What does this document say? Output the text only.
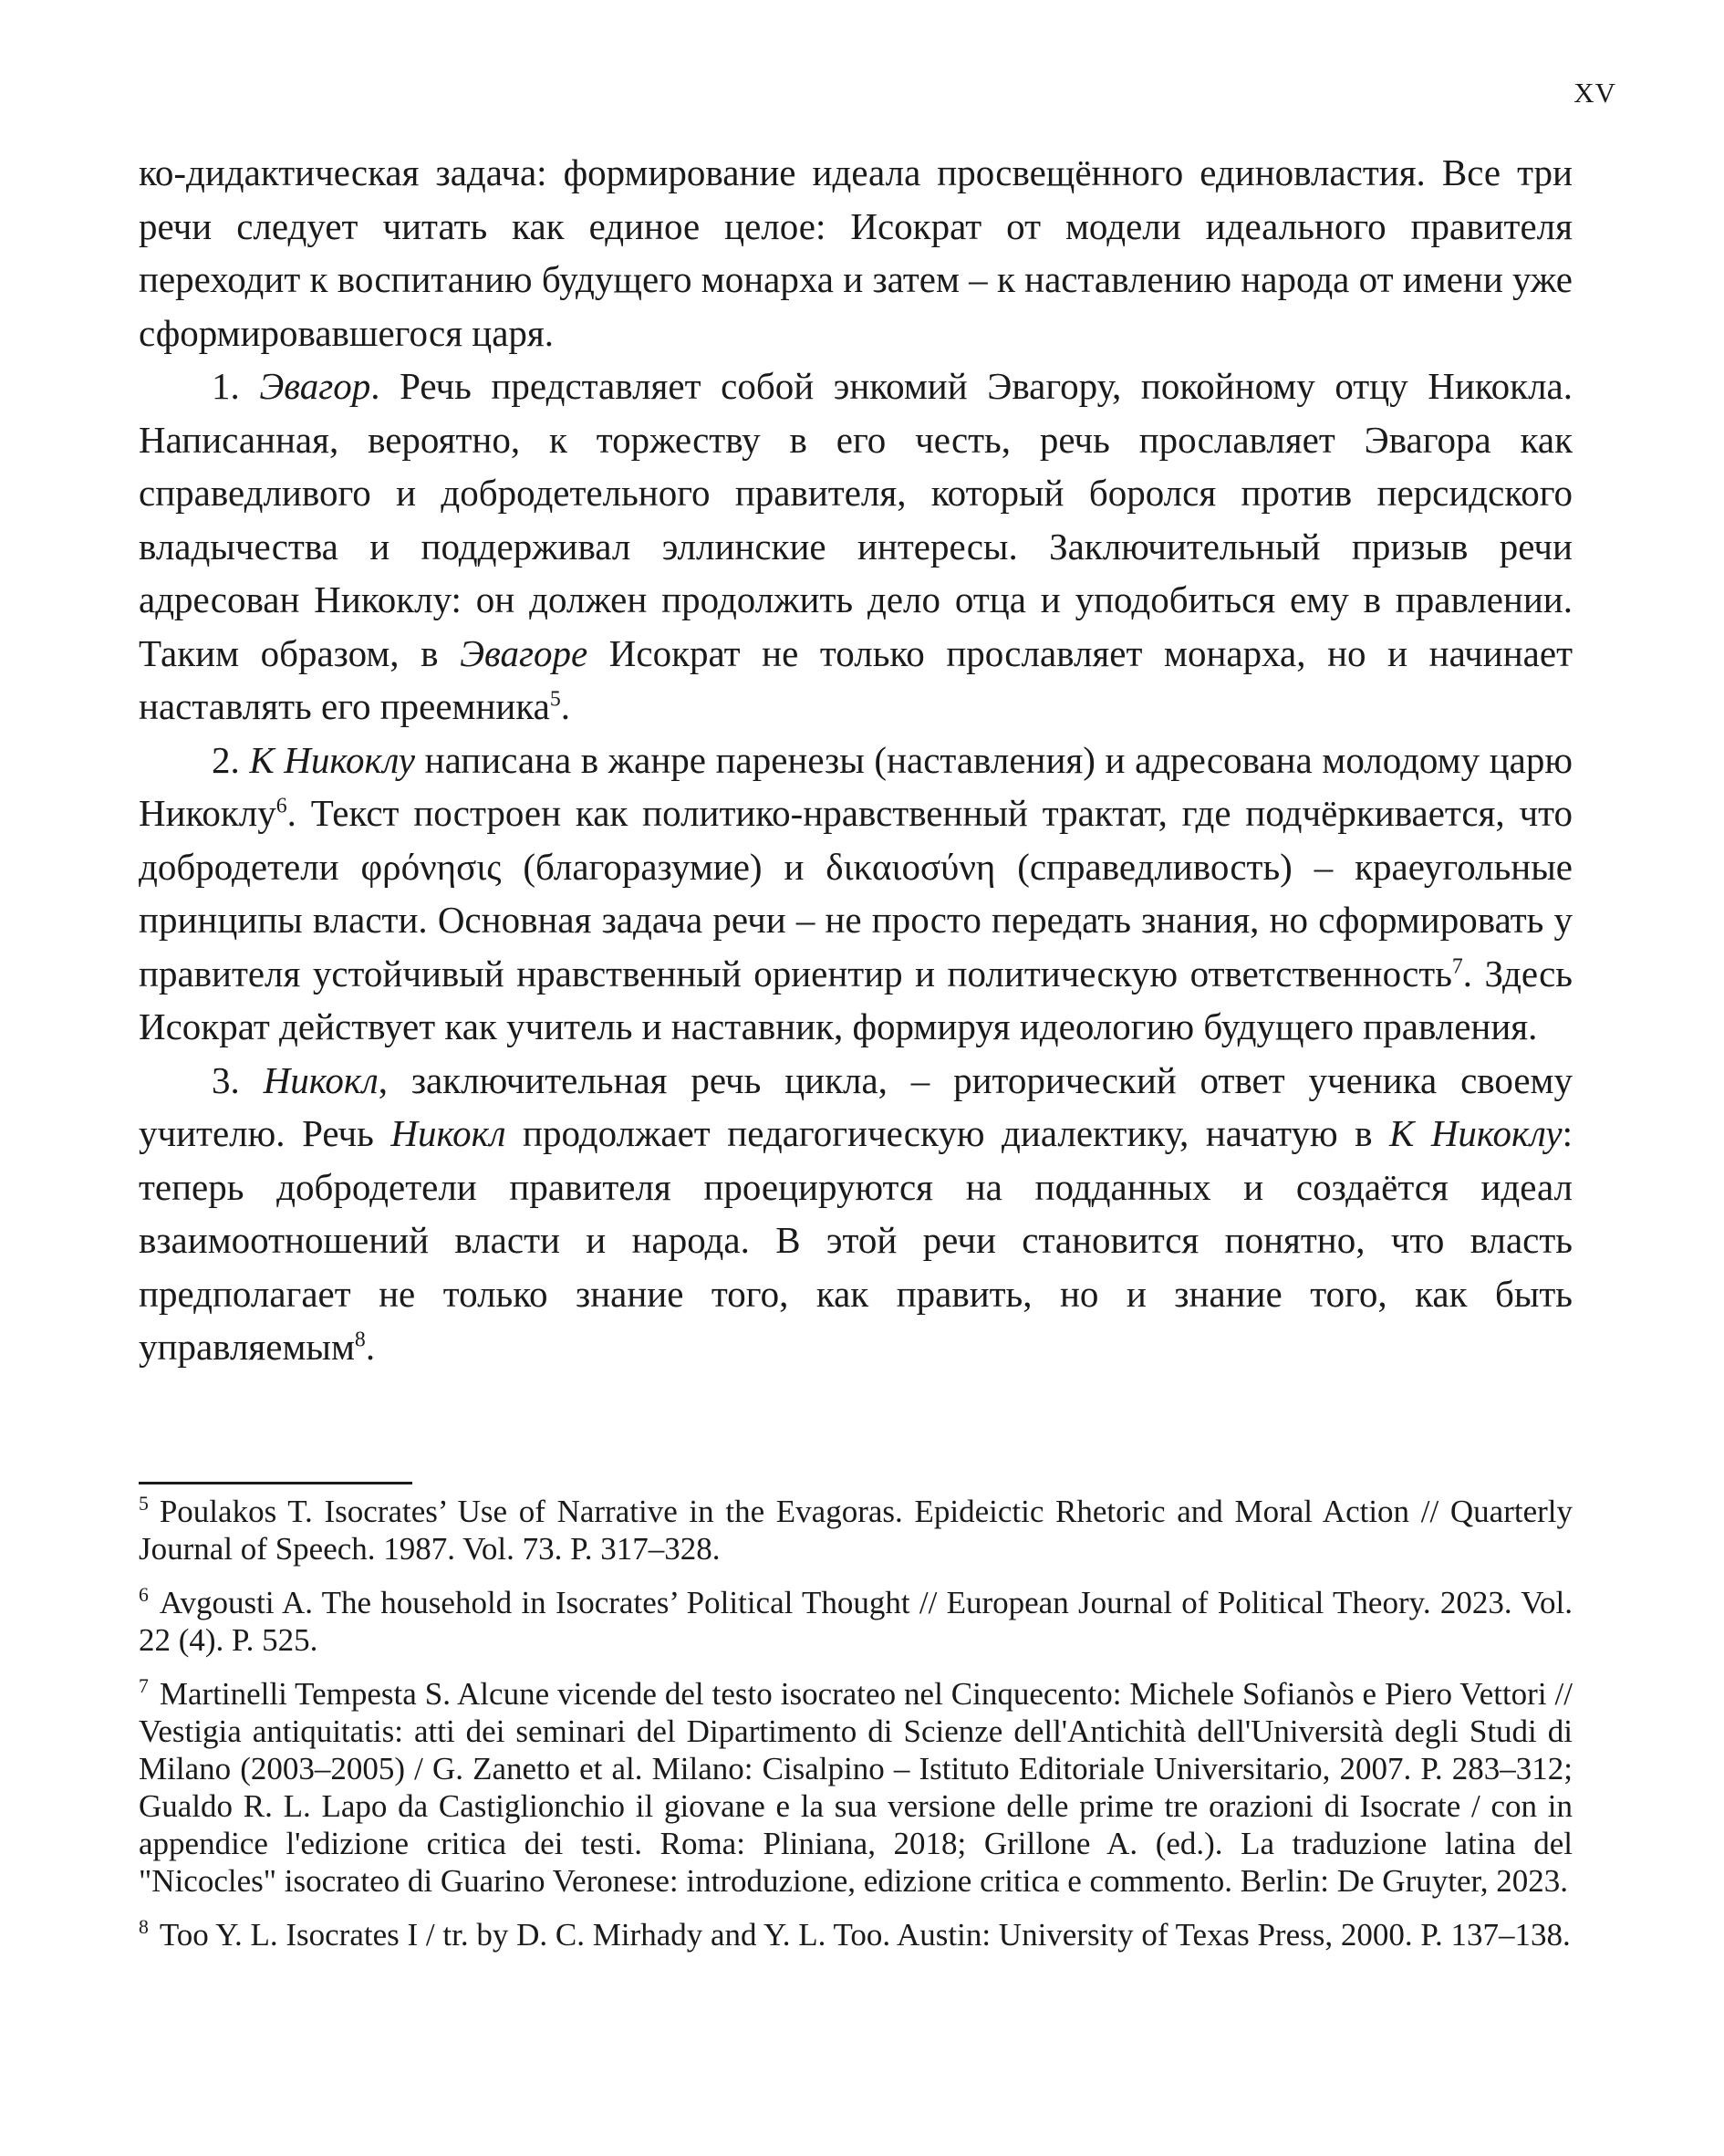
XV

ко-дидактическая задача: формирование идеала просвещённого единовластия. Все три речи следует читать как единое целое: Исократ от модели идеального правителя переходит к воспитанию будущего монарха и затем – к наставлению народа от имени уже сформировавшегося царя.

1. Эвагор. Речь представляет собой энкомий Эвагору, покойному отцу Никокла. Написанная, вероятно, к торжеству в его честь, речь прославляет Эвагора как справедливого и добродетельного правителя, который боролся против персидского владычества и поддерживал эллинские интересы. Заключительный призыв речи адресован Никоклу: он должен продолжить дело отца и уподобиться ему в правлении. Таким образом, в Эвагоре Исократ не только прославляет монарха, но и начинает наставлять его преемника$^5$.

2. К Никоклу написана в жанре паренезы (наставления) и адресована молодому царю Никоклу$^6$. Текст построен как политико-нравственный трактат, где подчёркивается, что добродетели φρόνησις (благоразумие) и δικαιοσύνη (справедливость) – краеугольные принципы власти. Основная задача речи – не просто передать знания, но сформировать у правителя устойчивый нравственный ориентир и политическую ответственность$^7$. Здесь Исократ действует как учитель и наставник, формируя идеологию будущего правления.

3. Никокл, заключительная речь цикла, – риторический ответ ученика своему учителю. Речь Никокл продолжает педагогическую диалектику, начатую в К Никоклу: теперь добродетели правителя проецируются на подданных и создаётся идеал взаимоотношений власти и народа. В этой речи становится понятно, что власть предполагает не только знание того, как править, но и знание того, как быть управляемым$^8$.

$^5$ Poulakos T. Isocrates’ Use of Narrative in the Evagoras. Epideictic Rhetoric and Moral Action // Quarterly Journal of Speech. 1987. Vol. 73. P. 317–328.

$^6$ Avgousti A. The household in Isocrates’ Political Thought // European Journal of Political Theory. 2023. Vol. 22 (4). P. 525.

$^7$ Martinelli Tempesta S. Alcune vicende del testo isocrateo nel Cinquecento: Michele Sofianòs e Piero Vettori // Vestigia antiquitatis: atti dei seminari del Dipartimento di Scienze dell'Antichità dell'Università degli Studi di Milano (2003–2005) / G. Zanetto et al. Milano: Cisalpino – Istituto Editoriale Universitario, 2007. P. 283–312; Gualdo R. L. Lapo da Castiglionchio il giovane e la sua versione delle prime tre orazioni di Isocrate / con in appendice l'edizione critica dei testi. Roma: Pliniana, 2018; Grillone A. (ed.). La traduzione latina del "Nicocles" isocrateo di Guarino Veronese: introduzione, edizione critica e commento. Berlin: De Gruyter, 2023.

$^8$ Too Y. L. Isocrates I / tr. by D. C. Mirhady and Y. L. Too. Austin: University of Texas Press, 2000. P. 137–138.
